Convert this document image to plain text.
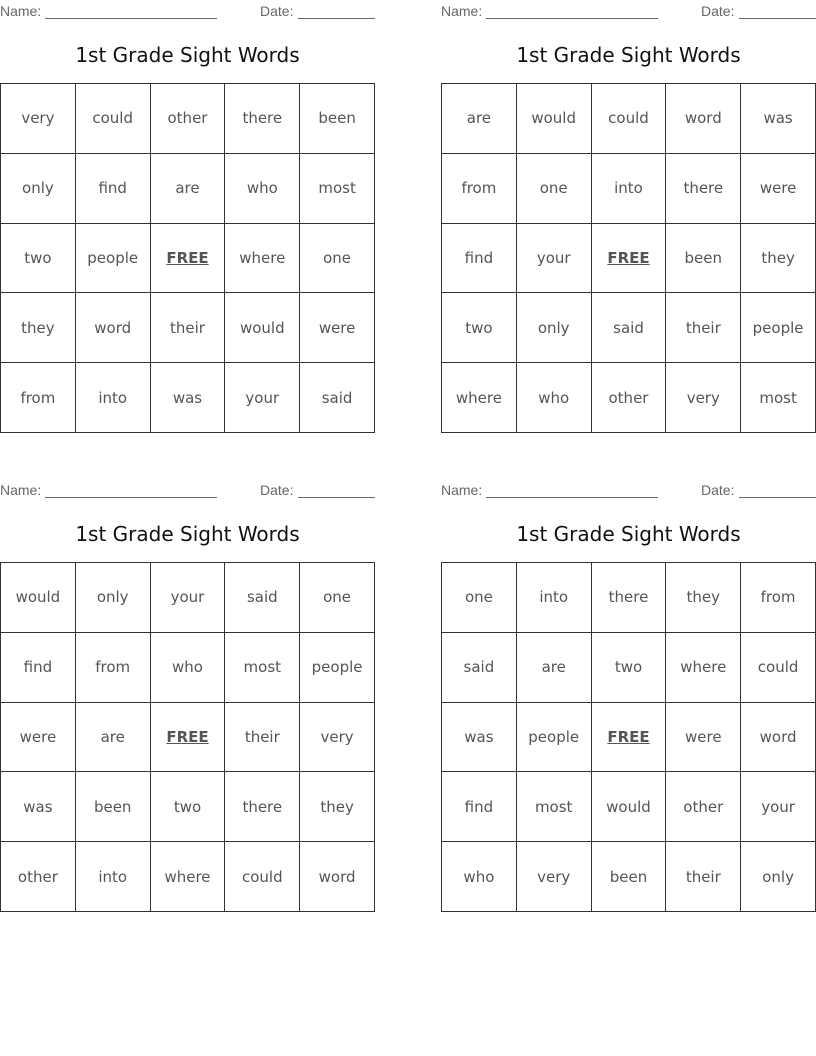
Name:	Date:
1st Grade Sight Words
very	could	other	there	been
only	find	are	who	most
two	people	FREE	where	one
they	word	their	would	were
from	into	was	your	said
Name:	Date:
1st Grade Sight Words
are	would	could	word	was
from	one	into	there	were
find	your	FREE	been	they
two	only	said	their	people
where	who	other	very	most
Name:	Date:
1st Grade Sight Words
would	only	your	said	one
find	from	who	most	people
were	are	FREE	their	very
was	been	two	there	they
other	into	where	could	word
Name:	Date:
1st Grade Sight Words
one	into	there	they	from
said	are	two	where	could
was	people	FREE	were	word
find	most	would	other	your
who	very	been	their	only
